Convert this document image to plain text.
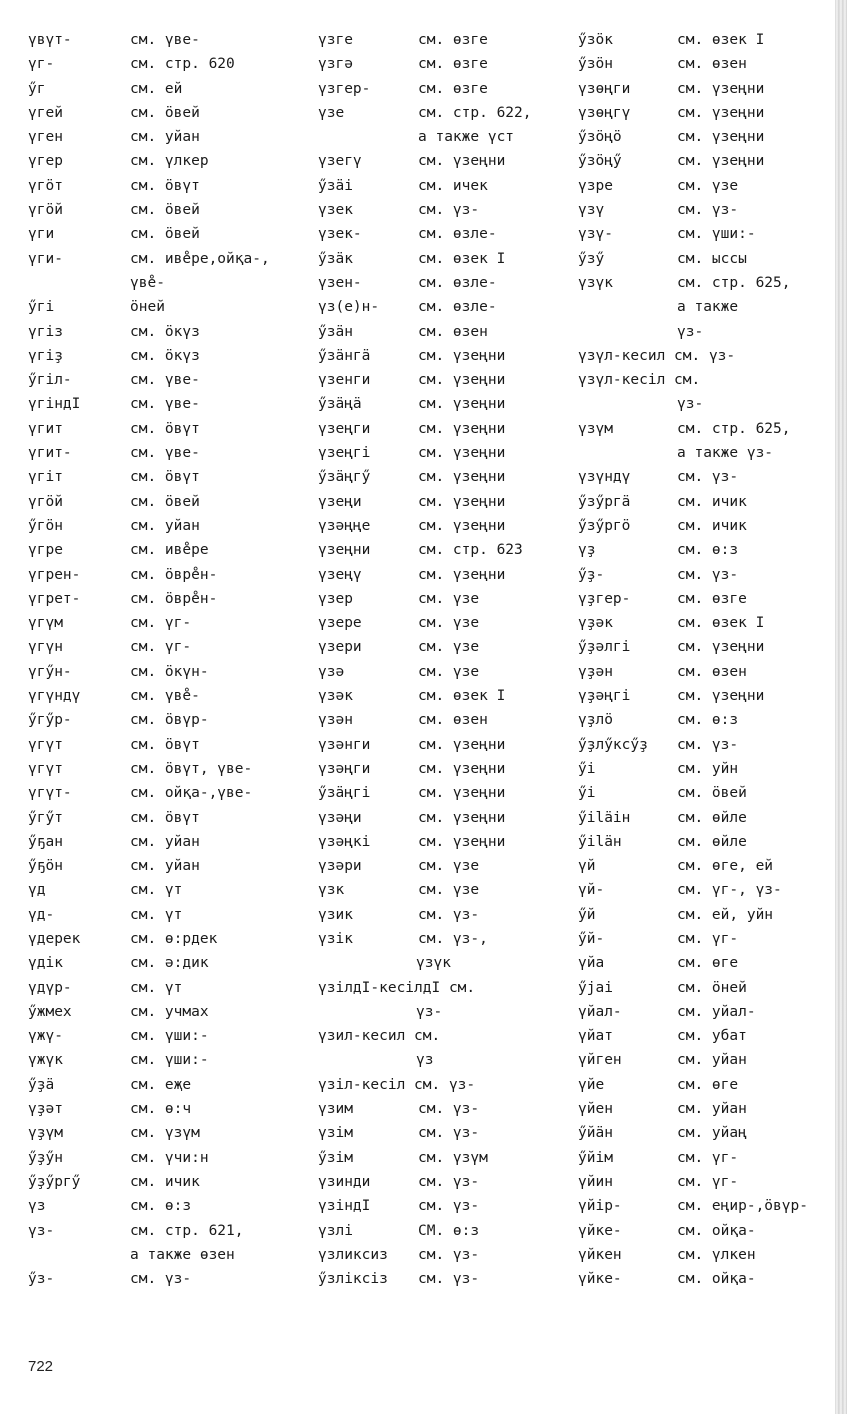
үвүт-	см. үве-
үг-	см. стр. 620
ӳг	см. ей
үгей	см. ӧвей
үген	см. уйан
үгер	см. үлкер
үгӧт	см. ӧвүт
үгӧй	см. ӧвей
үги	см. ӧвей
үги-	см. иве̊ре,ойқа-,
үве̊-
ӳгі	ӧней
үгіз	см. ӧкүз
үгіҙ	см. ӧкүз
ӳгіл-	см. үве-
үгіндІ	см. үве-
үгит	см. ӧвүт
үгит-	см. үве-
үгіт	см. ӧвүт
үгӧй	см. ӧвей
ӳгӧн	см. уйан
үгре	см. иве̊ре
үгрен-	см. ӧвре̊н-
үгрет-	см. ӧвре̊н-
үгүм	см. үг-
үгүн	см. үг-
үгӳн-	см. ӧкүн-
үгүндү	см. үве̊-
ӳгӳр-	см. ӧвүр-
үгүт	см. ӧвүт
үгүт	см. ӧвүт, үве-
үгүт-	см. ойқа-,үве-
ӳгӳт	см. ӧвүт
ӳҕан	см. уйан
ӳҕӧн	см. уйан
үд	см. үт
үд-	см. үт
үдерек	см. ө:рдек
үдік	см. ә:дик
үдүр-	см. үт
ӳжмех	см. учмах
үжү-	см. үши:-
үжүк	см. үши:-
ӳҙӓ	см. еҗе
үҙәт	см. ө:ч
үҙүм	см. үзүм
ӳҙӳн	см. үчи:н
ӳҙӳргӳ	см. ичик
үз	см. ө:з
үз-	см. стр. 621,
а также өзен
ӳз-	см. үз-
үзге	см. өзге
үзгә	см. өзге
үзгер-	см. өзге
үзе	см. стр. 622,
а также үст
үзегү	см. үзеңни
ӳзӓі	см. ичек
үзек	см. үз-
үзек-	см. өзле-
ӳзӓк	см. өзек I
үзен-	см. өзле-
үз(е)н-	см. өзле-
ӳзӓн	см. өзен
ӳзӓнгӓ	см. үзеңни
үзенги	см. үзеңни
ӳзӓңӓ	см. үзеңни
үзеңги	см. үзеңни
үзеңгі	см. үзеңни
ӳзӓңгӳ	см. үзеңни
үзеңи	см. үзеңни
үзәңңе	см. үзеңни
үзеңни	см. стр. 623
үзеңү	см. үзеңни
үзер	см. үзе
үзере	см. үзе
үзери	см. үзе
үзә	см. үзе
үзәк	см. өзек I
үзән	см. өзен
үзәнги	см. үзеңни
үзәңги	см. үзеңни
ӳзӓңгі	см. үзеңни
үзәңи	см. үзеңни
үзәңкі	см. үзеңни
үзәри	см. үзе
үзк	см. үзе
үзик	см. үз-
үзік	см. үз-,
үзүк
үзілдІ-кесілдІ см.
үз-
үзил-кесил см.
үз
үзіл-кесіл см. үз-
үзим	см. үз-
үзім	см. үз-
ӳзім	см. үзүм
үзинди	см. үз-
үзіндІ	см. үз-
үзлі	СМ. ө:з
үзликсиз см. үз-
ӳзлікcіз см. үз-
ӳзӧк	см. өзек I
ӳзӧн	см. өзен
үзөңги	см. үзеңни
үзөңгү	см. үзеңни
ӳзӧңӧ	см. үзеңни
ӳзӧңӳ	см. үзеңни
үзре	см. үзе
үзү	см. үз-
үзү-	см. үши:-
ӳзӳ	см. ыссы
үзүк	см. стр. 625,
а также
үз-
үзүл-кесил см. үз-
үзүл-кесіл см.
үз-
үзүм	см. стр. 625,
а также үз-
үзүндү	см. үз-
ӳзӳргӓ	см. ичик
ӳзӳргӧ	см. ичик
үҙ	см. ө:з
ӳҙ-	см. үз-
үҙгер-	см. өзге
үҙәк	см. өзек I
ӳҙәлгі	см. үзеңни
үҙән	см. өзен
үҙәңгі	см. үзеңни
үҙлӧ	см. ө:з
ӳҙлӳксӳҙ см. үз-
ӳі	см. уйн
ӳі	см. ӧвей
ӳіläін	см. өйле
ӳіläн	см. өйле
үй	см. өге, ей
үй-	см. үг-, үз-
ӳй	см. ей, уйн
ӳй-	см. үг-
үйа	см. өге
ӳjаі	см. ӧней
үйал-	см. уйал-
үйат	см. убат
үйген	см. уйан
үйе	см. өге
үйен	см. уйан
ӳйӓн	см. уйаң
ӳйім	см. үг-
үйин	см. үг-
үйір-	см. еңир-,ӧвүр-
үйке-	см. ойқа-
үйкен	см. үлкен
үйке-	см. ойқа-
722
